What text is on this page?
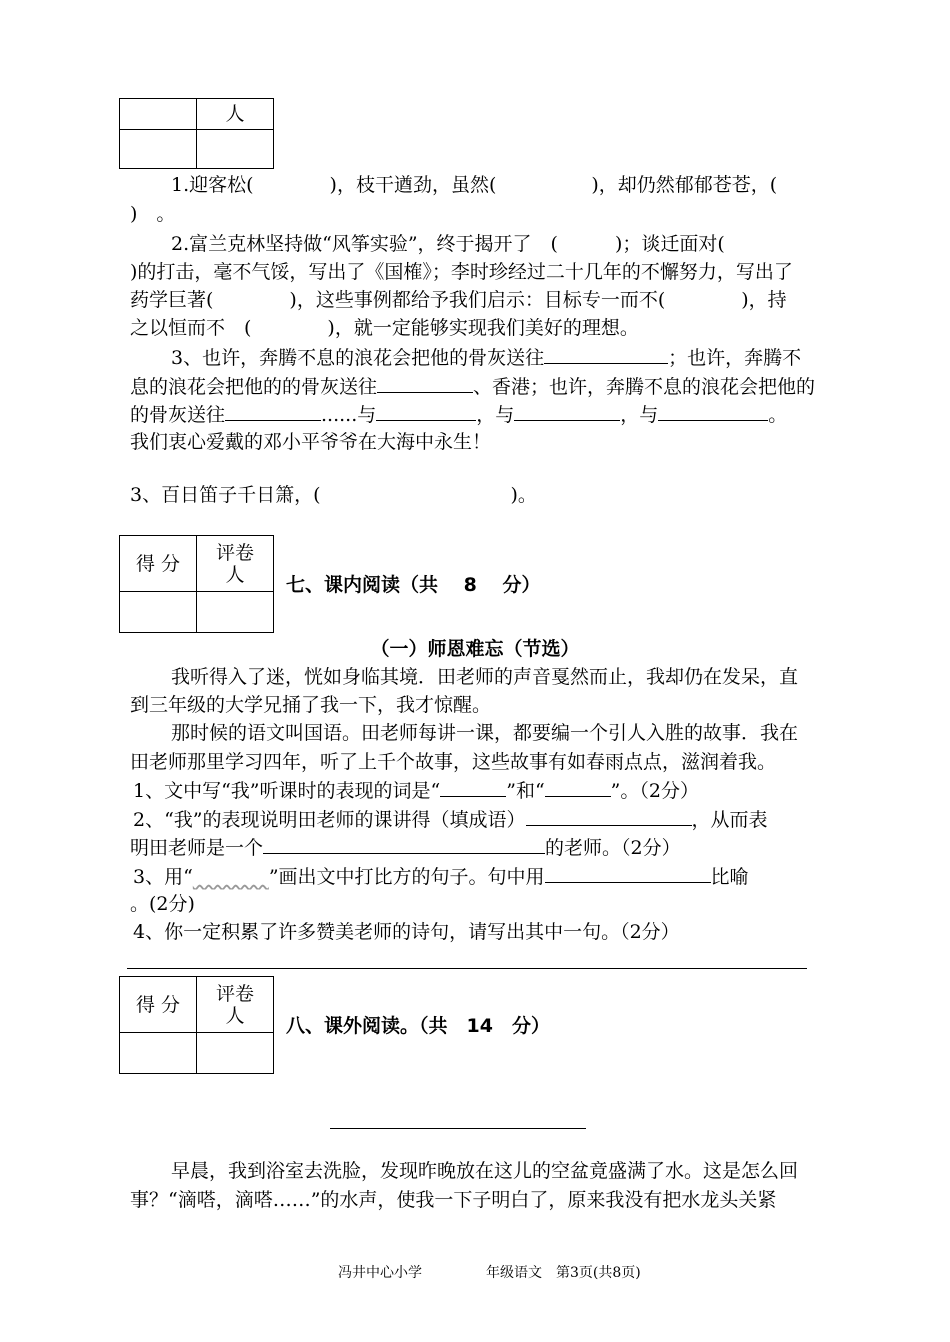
	人

1.迎客松(　　　　)，枝干遒劲，虽然(　　　　　)，却仍然郁郁苍苍，(
)　。
2.富兰克林坚持做“风筝实验”，终于揭开了　(　　　)；谈迁面对(
)的打击，毫不气馁，写出了《国榷》；李时珍经过二十几年的不懈努力，写出了
药学巨著(　　　　)，这些事例都给予我们启示：目标专一而不(　　　　)，持
之以恒而不　(　　　　)，就一定能够实现我们美好的理想。
3、也许，奔腾不息的浪花会把他的骨灰送往	；也许，奔腾不
息的浪花会把他的的骨灰送往	、香港；也许，奔腾不息的浪花会把他的
的骨灰送往	......与	，与	，与	。
我们衷心爱戴的邓小平爷爷在大海中永生！
3、百日笛子千日箫，(　　　　　　　　　　)。
得 分	评卷
人

		七、课内阅读（共　 8　 分）
（一）师恩难忘（节选）
我听得入了迷，恍如身临其境．田老师的声音戛然而止，我却仍在发呆，直
到三年级的大学兄捅了我一下，我才惊醒。
那时候的语文叫国语。田老师每讲一课，都要编一个引人入胜的故事．我在
田老师那里学习四年，听了上千个故事，这些故事有如春雨点点，滋润着我。
1、文中写“我”听课时的表现的词是“	”和“	”。（2分）
2、“我”的表现说明田老师的课讲得（填成语）	，从而表
明田老师是一个	的老师。（2分）
3、用“　　　　	”画出文中打比方的句子。句中用	比喻
。(2分)
4、你一定积累了许多赞美老师的诗句，请写出其中一句。（2分）
得 分	评卷
人

		八、课外阅读。（共　14　分）
早晨，我到浴室去洗脸，发现昨晚放在这儿的空盆竟盛满了水。这是怎么回
事？“滴嗒，滴嗒……”的水声，使我一下子明白了，原来我没有把水龙头关紧
冯井中心小学	年级语文 第3页(共8页)
